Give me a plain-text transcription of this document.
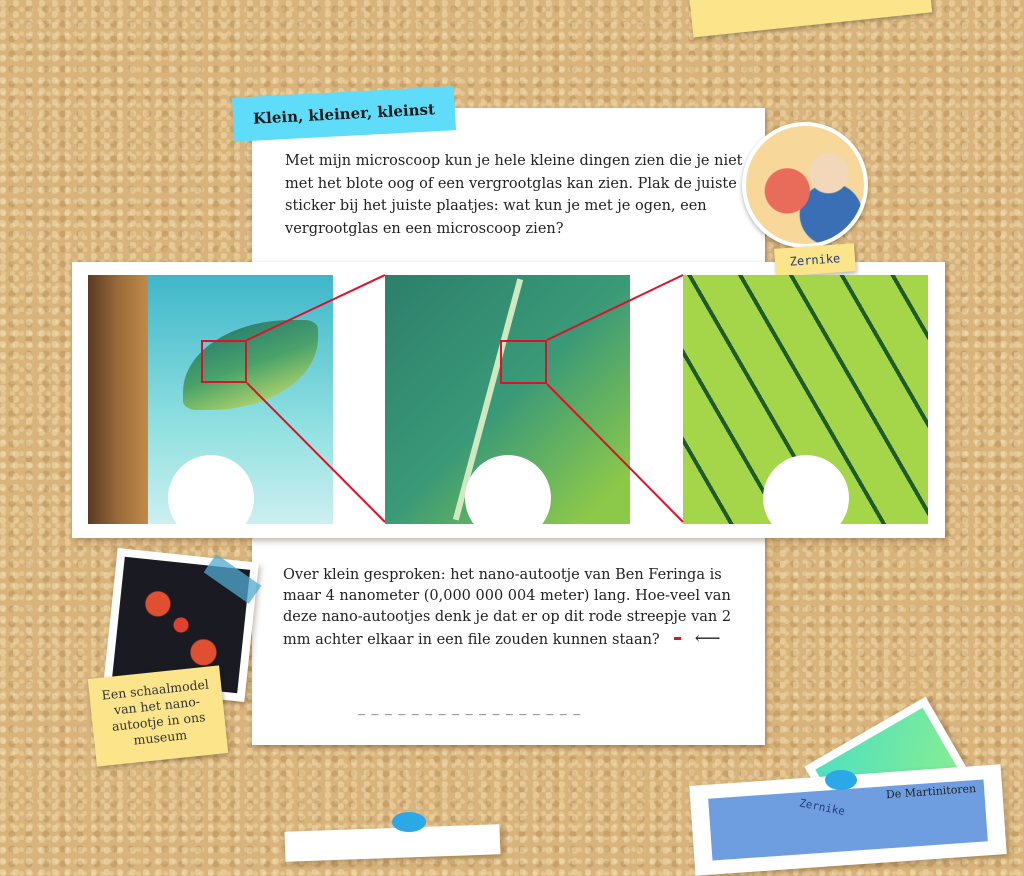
Klein, kleiner, kleinst
Met mijn microscoop kun je hele kleine dingen zien die je niet met het blote oog of een vergrootglas kan zien. Plak de juiste sticker bij het juiste plaatjes: wat kun je met je ogen, een vergrootglas en een microscoop zien?
Zernike
Over klein gesproken: het nano-autootje van Ben Feringa is maar 4 nanometer (0,000 000 004 meter) lang. Hoe-veel van deze nano-autootjes denk je dat er op dit rode streepje van 2 mm achter elkaar in een file zouden kunnen staan? ⟵
_ _ _ _ _ _ _ _ _ _ _ _ _ _ _ _ _
Een schaalmodel van het nano-autootje in ons museum
De Martinitoren
Zernike
